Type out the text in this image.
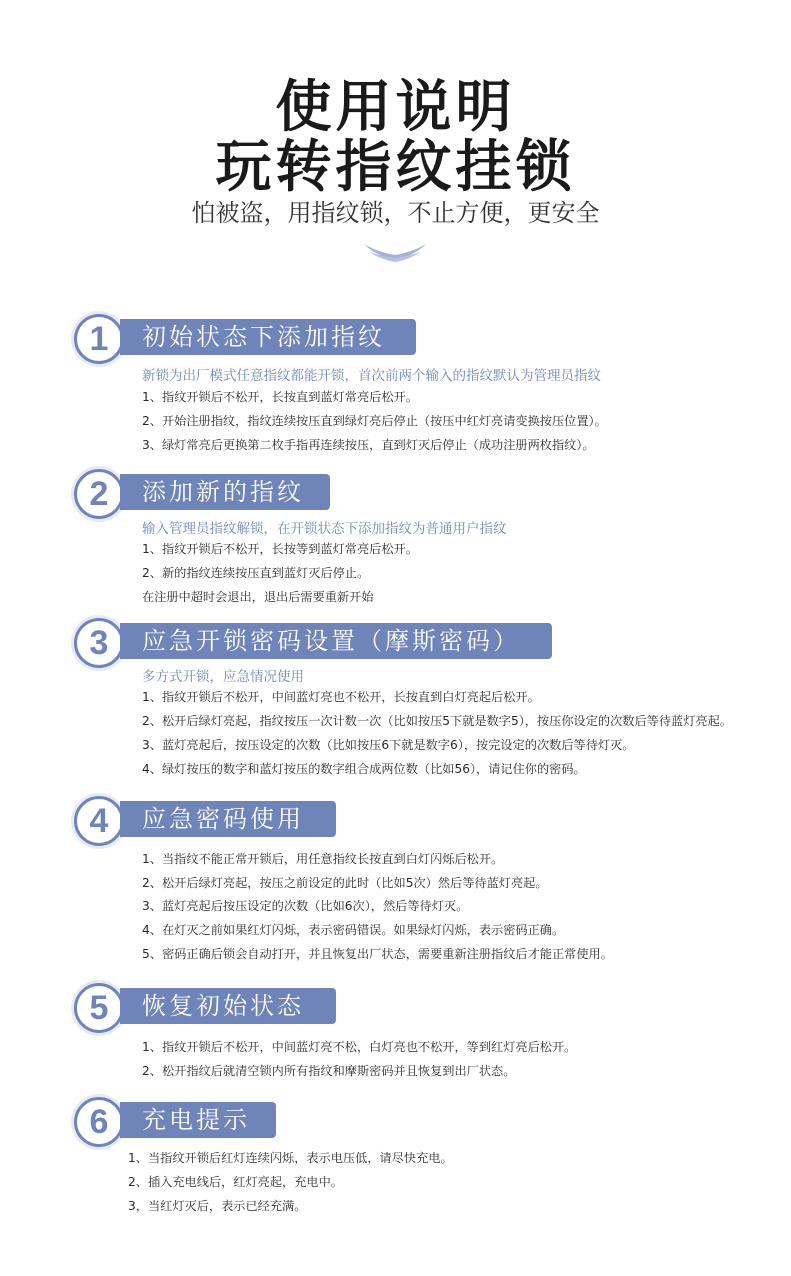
使用说明
玩转指纹挂锁
怕被盗，用指纹锁，不止方便，更安全
1	初始状态下添加指纹
新锁为出厂模式任意指纹都能开锁，首次前两个输入的指纹默认为管理员指纹
1、指纹开锁后不松开，长按直到蓝灯常亮后松开。
2、开始注册指纹，指纹连续按压直到绿灯亮后停止（按压中红灯亮请变换按压位置）。
3、绿灯常亮后更换第二枚手指再连续按压，直到灯灭后停止（成功注册两枚指纹）。
2	添加新的指纹
输入管理员指纹解锁，在开锁状态下添加指纹为普通用户指纹
1、指纹开锁后不松开，长按等到蓝灯常亮后松开。
2、新的指纹连续按压直到蓝灯灭后停止。
在注册中超时会退出，退出后需要重新开始
3	应急开锁密码设置（摩斯密码）
多方式开锁，应急情况使用
1、指纹开锁后不松开，中间蓝灯亮也不松开，长按直到白灯亮起后松开。
2、松开后绿灯亮起，指纹按压一次计数一次（比如按压5下就是数字5），按压你设定的次数后等待蓝灯亮起。
3、蓝灯亮起后，按压设定的次数（比如按压6下就是数字6），按完设定的次数后等待灯灭。
4、绿灯按压的数字和蓝灯按压的数字组合成两位数（比如56），请记住你的密码。
4	应急密码使用
1、当指纹不能正常开锁后，用任意指纹长按直到白灯闪烁后松开。
2、松开后绿灯亮起，按压之前设定的此时（比如5次）然后等待蓝灯亮起。
3、蓝灯亮起后按压设定的次数（比如6次），然后等待灯灭。
4、在灯灭之前如果红灯闪烁，表示密码错误。如果绿灯闪烁，表示密码正确。
5、密码正确后锁会自动打开，并且恢复出厂状态，需要重新注册指纹后才能正常使用。
5	恢复初始状态
1、指纹开锁后不松开，中间蓝灯亮不松，白灯亮也不松开，等到红灯亮后松开。
2、松开指纹后就清空锁内所有指纹和摩斯密码并且恢复到出厂状态。
6	充电提示
1、当指纹开锁后红灯连续闪烁，表示电压低，请尽快充电。
2、插入充电线后，红灯亮起，充电中。
3，当红灯灭后，表示已经充满。
